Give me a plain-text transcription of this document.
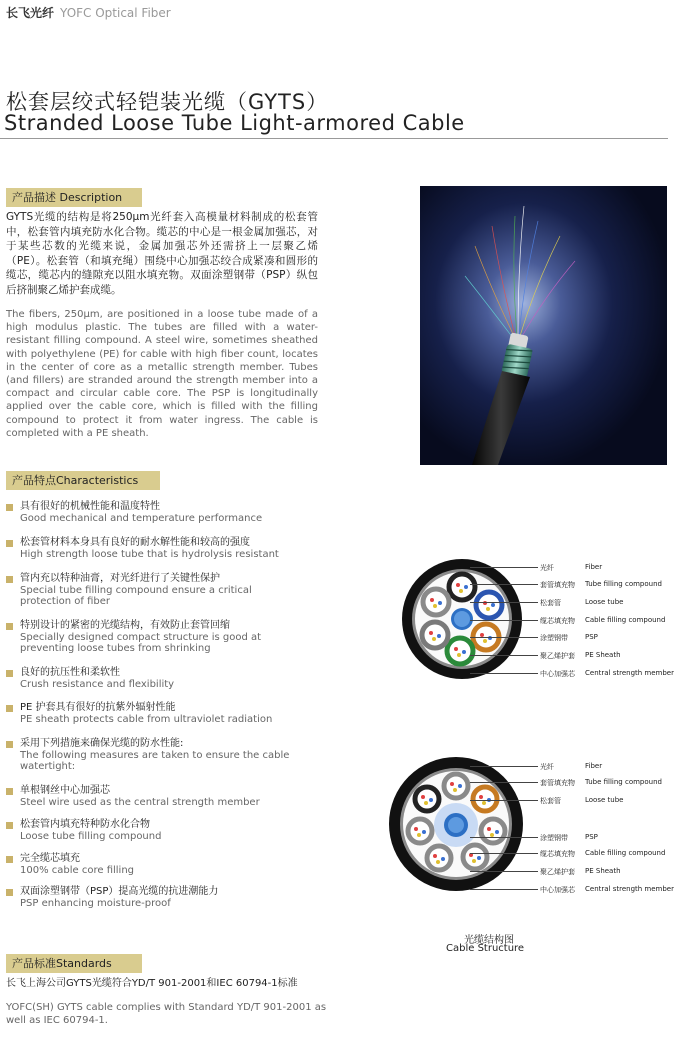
长飞光纤 YOFC Optical Fiber
松套层绞式轻铠装光缆（GYTS）
Stranded Loose Tube Light-armored Cable
产品描述 Description
GYTS光缆的结构是将250μm光纤套入高模量材料制成的松套管中，松套管内填充防水化合物。缆芯的中心是一根金属加强芯，对于某些芯数的光缆来说，金属加强芯外还需挤上一层聚乙烯（PE）。松套管（和填充绳）围绕中心加强芯绞合成紧凑和圆形的缆芯，缆芯内的缝隙充以阻水填充物。双面涂塑钢带（PSP）纵包后挤制聚乙烯护套成缆。
The fibers, 250μm, are positioned in a loose tube made of a high modulus plastic. The tubes are filled with a water-resistant filling compound. A steel wire, sometimes sheathed with polyethylene (PE) for cable with high fiber count, locates in the center of core as a metallic strength member. Tubes (and fillers) are stranded around the strength member into a compact and circular cable core. The PSP is longitudinally applied over the cable core, which is filled with the filling compound to protect it from water ingress. The cable is completed with a PE sheath.
产品特点Characteristics
具有很好的机械性能和温度特性
Good mechanical and temperature performance
松套管材料本身具有良好的耐水解性能和较高的强度
High strength loose tube that is hydrolysis resistant
管内充以特种油膏，对光纤进行了关键性保护
Special tube filling compound ensure a critical protection of fiber
特别设计的紧密的光缆结构，有效防止套管回缩
Specially designed compact structure is good at preventing loose tubes from shrinking
良好的抗压性和柔软性
Crush resistance and flexibility
PE 护套具有很好的抗紫外辐射性能
PE sheath protects cable from ultraviolet radiation
采用下列措施来确保光缆的防水性能:
The following measures are taken to ensure the cable watertight:
单根钢丝中心加强芯
Steel wire used as the central strength member
松套管内填充特种防水化合物
Loose tube filling compound
完全缆芯填充
100% cable core filling
双面涂塑钢带（PSP）提高光缆的抗进潮能力
PSP enhancing moisture-proof
光纤	Fiber
套管填充物 Tube filling compound
松套管	Loose tube
缆芯填充物 Cable filling compound
涂塑钢带 PSP
聚乙烯护套 PE Sheath
中心加强芯 Central strength member
光纤	Fiber
套管填充物 Tube filling compound
松套管	Loose tube
涂塑钢带 PSP
缆芯填充物 Cable filling compound
聚乙烯护套 PE Sheath
中心加强芯 Central strength member
光缆结构图
Cable Structure
产品标准Standards
长飞上海公司GYTS光缆符合YD/T 901-2001和IEC 60794-1标准
YOFC(SH) GYTS cable complies with Standard YD/T 901-2001 as well as IEC 60794-1.
